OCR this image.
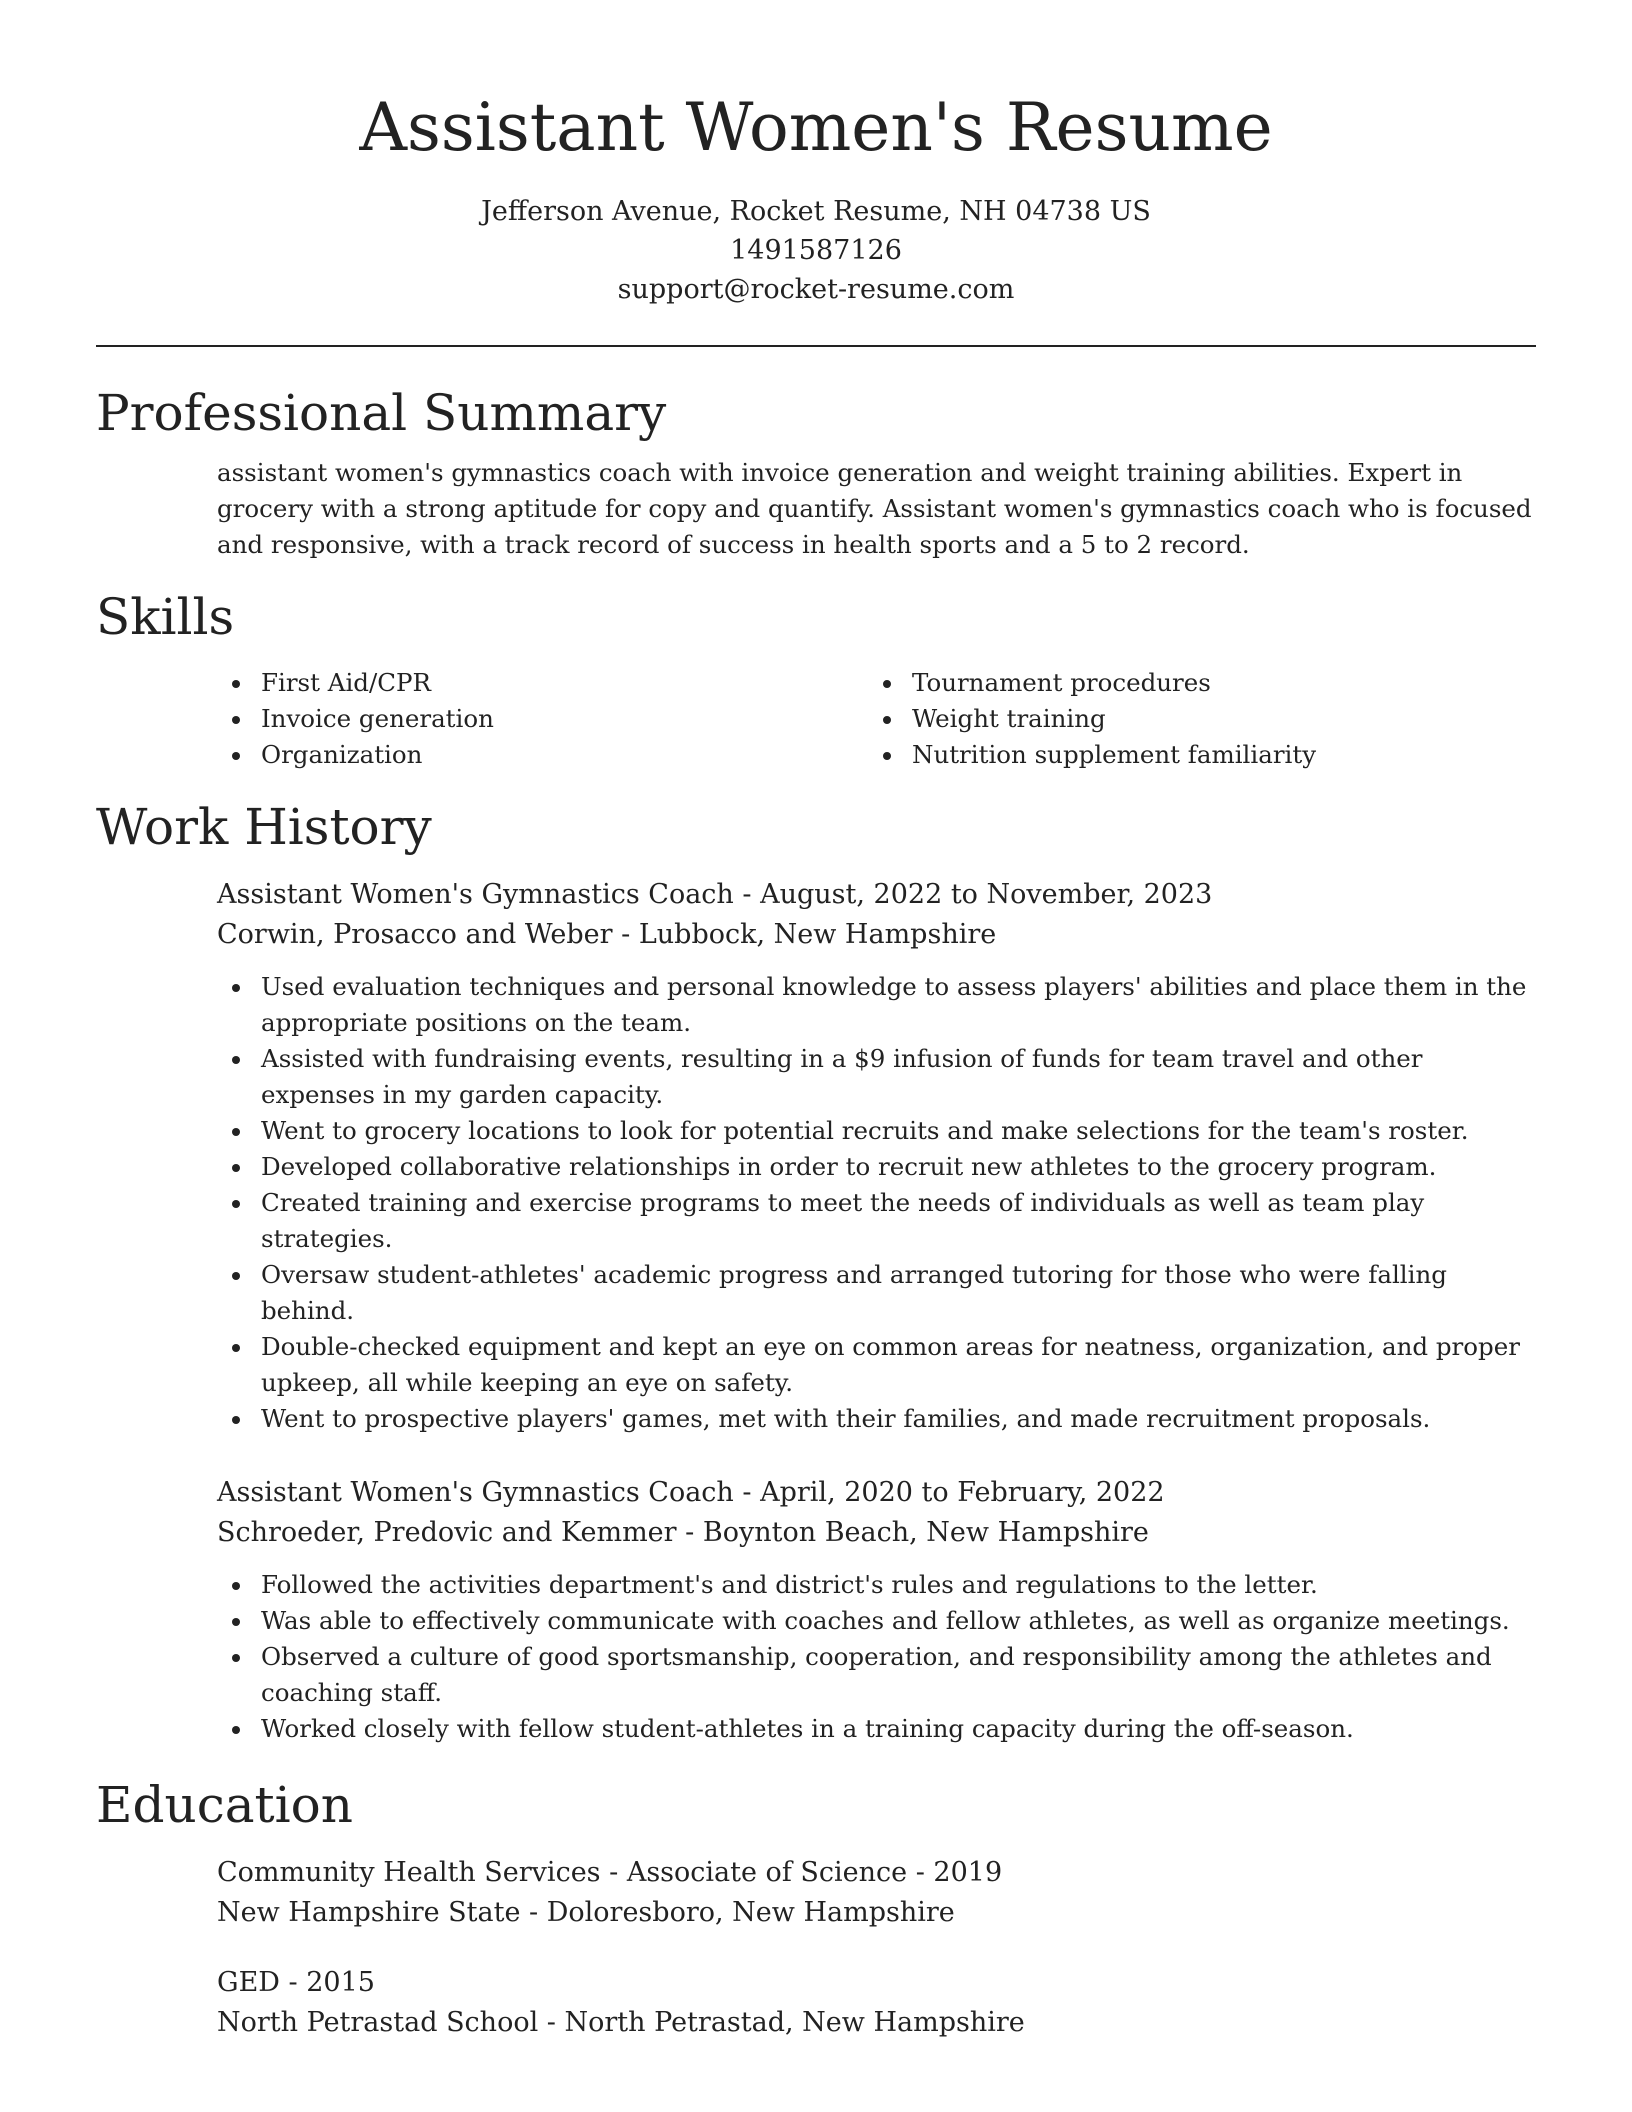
Assistant Women's Resume

Jefferson Avenue, Rocket Resume, NH 04738 US

1491587126

support@rocket-resume.com

Professional Summary

assistant women's gymnastics coach with invoice generation and weight training abilities. Expert in grocery with a strong aptitude for copy and quantify. Assistant women's gymnastics coach who is focused and responsive, with a track record of success in health sports and a 5 to 2 record.

Skills
First Aid/CPR
Invoice generation
Organization
Tournament procedures
Weight training
Nutrition supplement familiarity
Work History

Assistant Women's Gymnastics Coach - August, 2022 to November, 2023

Corwin, Prosacco and Weber - Lubbock, New Hampshire

Used evaluation techniques and personal knowledge to assess players' abilities and place them in the appropriate positions on the team.
Assisted with fundraising events, resulting in a $9 infusion of funds for team travel and other expenses in my garden capacity.
Went to grocery locations to look for potential recruits and make selections for the team's roster.
Developed collaborative relationships in order to recruit new athletes to the grocery program.
Created training and exercise programs to meet the needs of individuals as well as team play strategies.
Oversaw student-athletes' academic progress and arranged tutoring for those who were falling behind.
Double-checked equipment and kept an eye on common areas for neatness, organization, and proper upkeep, all while keeping an eye on safety.
Went to prospective players' games, met with their families, and made recruitment proposals.

Assistant Women's Gymnastics Coach - April, 2020 to February, 2022

Schroeder, Predovic and Kemmer - Boynton Beach, New Hampshire

Followed the activities department's and district's rules and regulations to the letter.
Was able to effectively communicate with coaches and fellow athletes, as well as organize meetings.
Observed a culture of good sportsmanship, cooperation, and responsibility among the athletes and coaching staff.
Worked closely with fellow student-athletes in a training capacity during the off-season.
Education

Community Health Services - Associate of Science - 2019

New Hampshire State - Doloresboro, New Hampshire

GED - 2015

North Petrastad School - North Petrastad, New Hampshire
